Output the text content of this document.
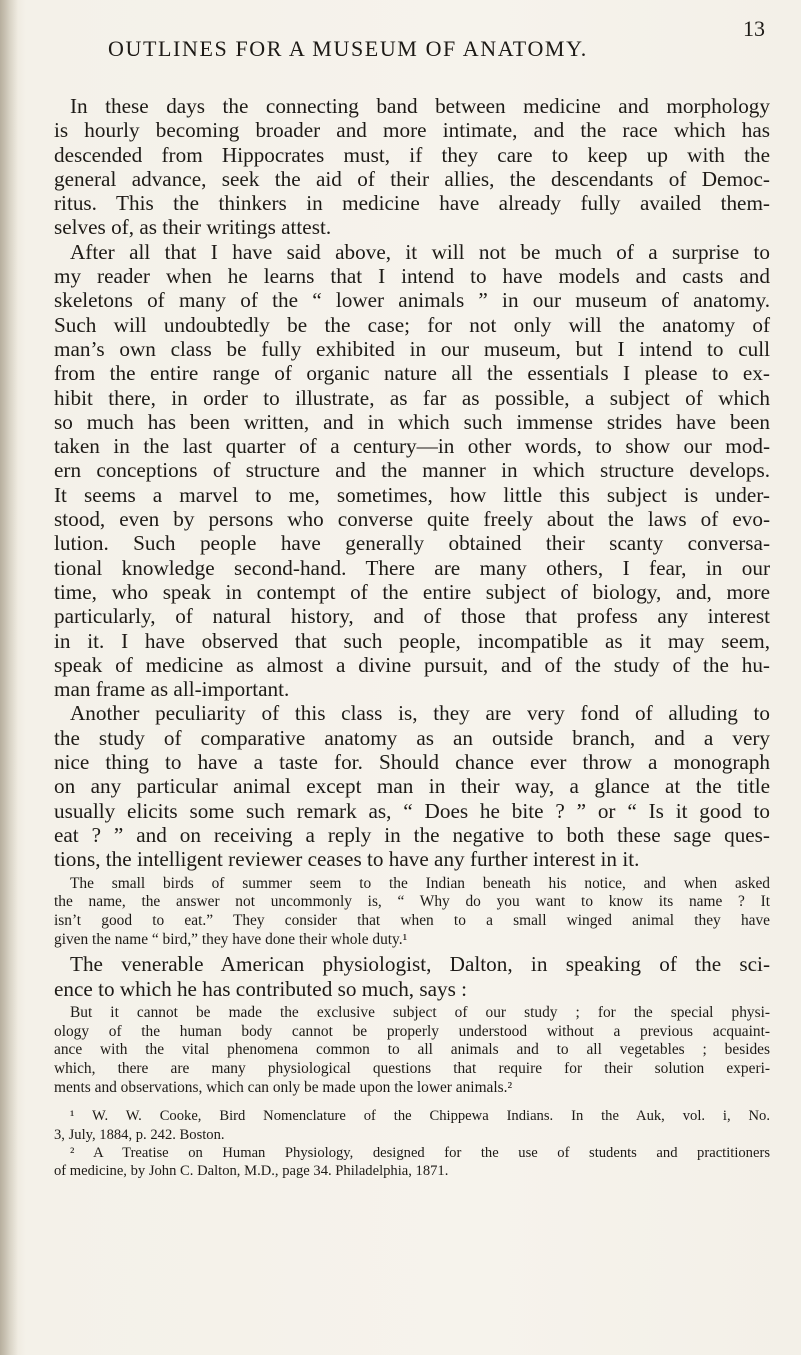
OUTLINES FOR A MUSEUM OF ANATOMY.
13
In these days the connecting band between medicine and morphology
is hourly becoming broader and more intimate, and the race which has
descended from Hippocrates must, if they care to keep up with the
general advance, seek the aid of their allies, the descendants of Democ-
ritus. This the thinkers in medicine have already fully availed them-
selves of, as their writings attest.
After all that I have said above, it will not be much of a surprise to
my reader when he learns that I intend to have models and casts and
skeletons of many of the “ lower animals ” in our museum of anatomy.
Such will undoubtedly be the case; for not only will the anatomy of
man’s own class be fully exhibited in our museum, but I intend to cull
from the entire range of organic nature all the essentials I please to ex-
hibit there, in order to illustrate, as far as possible, a subject of which
so much has been written, and in which such immense strides have been
taken in the last quarter of a century—in other words, to show our mod-
ern conceptions of structure and the manner in which structure develops.
It seems a marvel to me, sometimes, how little this subject is under-
stood, even by persons who converse quite freely about the laws of evo-
lution. Such people have generally obtained their scanty conversa-
tional knowledge second-hand. There are many others, I fear, in our
time, who speak in contempt of the entire subject of biology, and, more
particularly, of natural history, and of those that profess any interest
in it. I have observed that such people, incompatible as it may seem,
speak of medicine as almost a divine pursuit, and of the study of the hu-
man frame as all-important.
Another peculiarity of this class is, they are very fond of alluding to
the study of comparative anatomy as an outside branch, and a very
nice thing to have a taste for. Should chance ever throw a monograph
on any particular animal except man in their way, a glance at the title
usually elicits some such remark as, “ Does he bite ? ” or “ Is it good to
eat ? ” and on receiving a reply in the negative to both these sage ques-
tions, the intelligent reviewer ceases to have any further interest in it.
The small birds of summer seem to the Indian beneath his notice, and when asked
the name, the answer not uncommonly is, “ Why do you want to know its name ? It
isn’t good to eat.” They consider that when to a small winged animal they have
given the name “ bird,” they have done their whole duty.¹
The venerable American physiologist, Dalton, in speaking of the sci-
ence to which he has contributed so much, says :
But it cannot be made the exclusive subject of our study ; for the special physi-
ology of the human body cannot be properly understood without a previous acquaint-
ance with the vital phenomena common to all animals and to all vegetables ; besides
which, there are many physiological questions that require for their solution experi-
ments and observations, which can only be made upon the lower animals.²
¹ W. W. Cooke, Bird Nomenclature of the Chippewa Indians. In the Auk, vol. i, No.
3, July, 1884, p. 242. Boston.
² A Treatise on Human Physiology, designed for the use of students and practitioners
of medicine, by John C. Dalton, M.D., page 34. Philadelphia, 1871.
